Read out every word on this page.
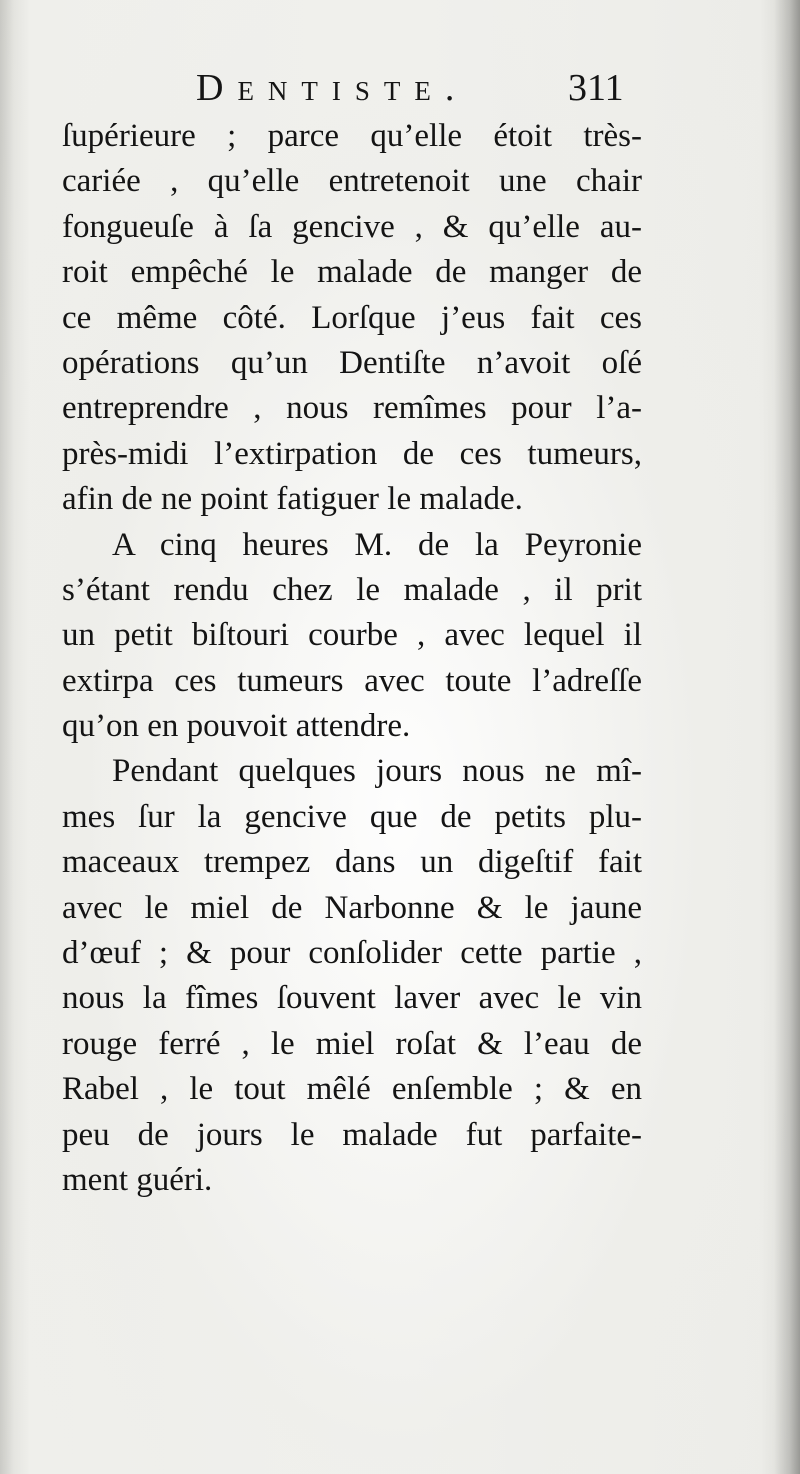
Dentiste.	311
ſupérieure ; parce qu’elle étoit très-
cariée , qu’elle entretenoit une chair
fongueuſe à ſa gencive , & qu’elle au-
roit empêché le malade de manger de
ce même côté. Lorſque j’eus fait ces
opérations qu’un Dentiſte n’avoit oſé
entreprendre , nous remîmes pour l’a-
près-midi l’extirpation de ces tumeurs,
afin de ne point fatiguer le malade.
A cinq heures M. de la Peyronie
s’étant rendu chez le malade , il prit
un petit biſtouri courbe , avec lequel il
extirpa ces tumeurs avec toute l’adreſſe
qu’on en pouvoit attendre.
Pendant quelques jours nous ne mî-
mes ſur la gencive que de petits plu-
maceaux trempez dans un digeſtif fait
avec le miel de Narbonne & le jaune
d’œuf ; & pour conſolider cette partie ,
nous la fîmes ſouvent laver avec le vin
rouge ferré , le miel roſat & l’eau de
Rabel , le tout mêlé enſemble ; & en
peu de jours le malade fut parfaite-
ment guéri.
